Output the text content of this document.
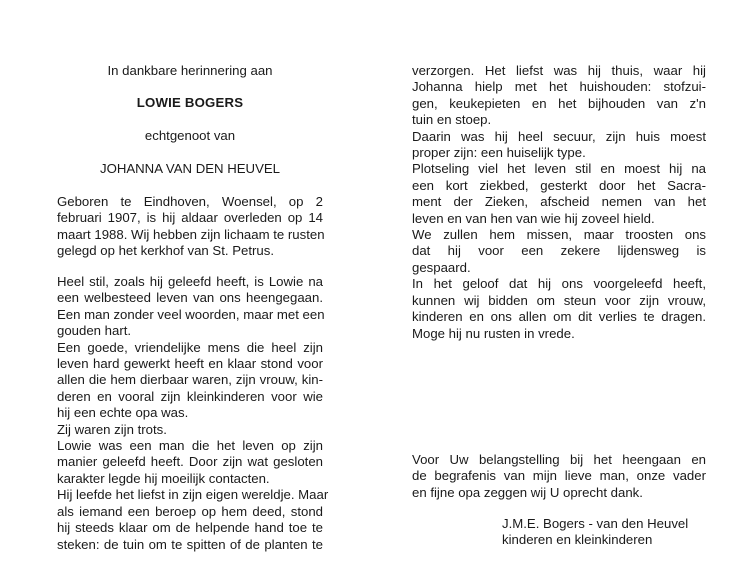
In dankbare herinnering aan
LOWIE BOGERS
echtgenoot van
JOHANNA VAN DEN HEUVEL
Geboren te Eindhoven, Woensel, op 2
februari 1907, is hij aldaar overleden op 14
maart 1988. Wij hebben zijn lichaam te rusten
gelegd op het kerkhof van St. Petrus.
Heel stil, zoals hij geleefd heeft, is Lowie na
een welbesteed leven van ons heengegaan.
Een man zonder veel woorden, maar met een
gouden hart.
Een goede, vriendelijke mens die heel zijn
leven hard gewerkt heeft en klaar stond voor
allen die hem dierbaar waren, zijn vrouw, kin-
deren en vooral zijn kleinkinderen voor wie
hij een echte opa was.
Zij waren zijn trots.
Lowie was een man die het leven op zijn
manier geleefd heeft. Door zijn wat gesloten
karakter legde hij moeilijk contacten.
Hij leefde het liefst in zijn eigen wereldje. Maar
als iemand een beroep op hem deed, stond
hij steeds klaar om de helpende hand toe te
steken: de tuin om te spitten of de planten te
verzorgen. Het liefst was hij thuis, waar hij
Johanna hielp met het huishouden: stofzui-
gen, keukepieten en het bijhouden van z'n
tuin en stoep.
Daarin was hij heel secuur, zijn huis moest
proper zijn: een huiselijk type.
Plotseling viel het leven stil en moest hij na
een kort ziekbed, gesterkt door het Sacra-
ment der Zieken, afscheid nemen van het
leven en van hen van wie hij zoveel hield.
We zullen hem missen, maar troosten ons
dat hij voor een zekere lijdensweg is
gespaard.
In het geloof dat hij ons voorgeleefd heeft,
kunnen wij bidden om steun voor zijn vrouw,
kinderen en ons allen om dit verlies te dragen.
Moge hij nu rusten in vrede.
Voor Uw belangstelling bij het heengaan en
de begrafenis van mijn lieve man, onze vader
en fijne opa zeggen wij U oprecht dank.
J.M.E. Bogers - van den Heuvel
kinderen en kleinkinderen
